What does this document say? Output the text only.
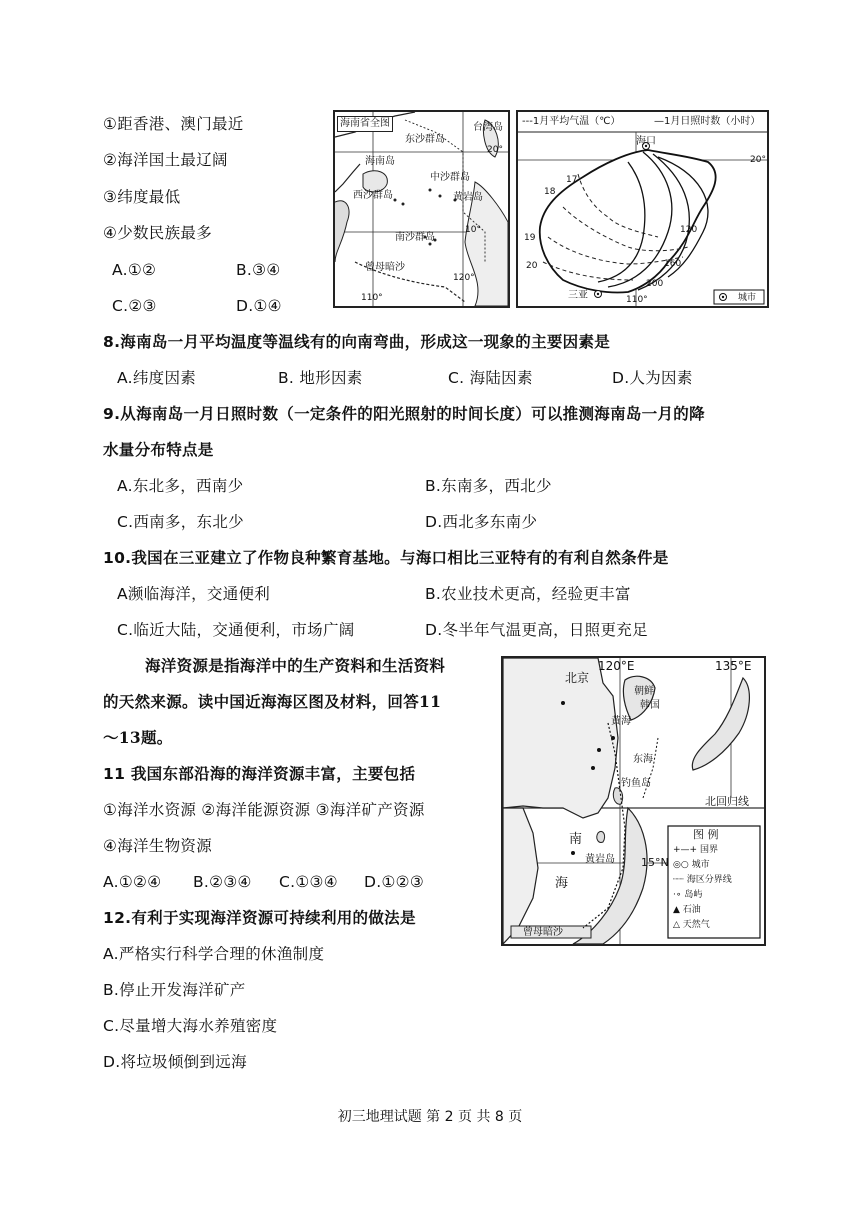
①距香港、澳门最近
②海洋国土最辽阔
③纬度最低
④少数民族最多
A.①②	B.③④
C.②③	D.①④
海南省全图
东沙群岛
台湾岛
海南岛
中沙群岛
西沙群岛	黄岩岛
南沙群岛
曾母暗沙
20°
10°
110°
120°
---1月平均气温（℃）	—1月日照时数（小时）
海口
三亚
17
18
19
20
120
160
200
20°
110°	城市
8.海南岛一月平均温度等温线有的向南弯曲，形成这一现象的主要因素是
A.纬度因素	B. 地形因素	C. 海陆因素	D.人为因素
9.从海南岛一月日照时数（一定条件的阳光照射的时间长度）可以推测海南岛一月的降
水量分布特点是
A.东北多，西南少	B.东南多，西北少
C.西南多，东北少	D.西北多东南少
10.我国在三亚建立了作物良种繁育基地。与海口相比三亚特有的有利自然条件是
A濒临海洋，交通便利	B.农业技术更高，经验更丰富
C.临近大陆，交通便利，市场广阔	D.冬半年气温更高，日照更充足
海洋资源是指海洋中的生产资料和生活资料
的天然来源。读中国近海海区图及材料，回答11
～13题。
11 我国东部沿海的海洋资源丰富，主要包括
①海洋水资源 ②海洋能源资源 ③海洋矿产资源
④海洋生物资源
A.①②④ B.②③④ C.①③④ D.①②③
12.有利于实现海洋资源可持续利用的做法是
A.严格实行科学合理的休渔制度
B.停止开发海洋矿产
C.尽量增大海水养殖密度
D.将垃圾倾倒到远海
120°E	135°E
北京
朝鲜
韩国
黄海
东海
钓鱼岛
南
海
黄岩岛
曾母暗沙
北回归线
15°N
图 例
+—+ 国界
◎○ 城市
┈┈ 海区分界线
·∘ 岛屿
▲ 石油
△ 天然气
初三地理试题 第 2 页 共 8 页
